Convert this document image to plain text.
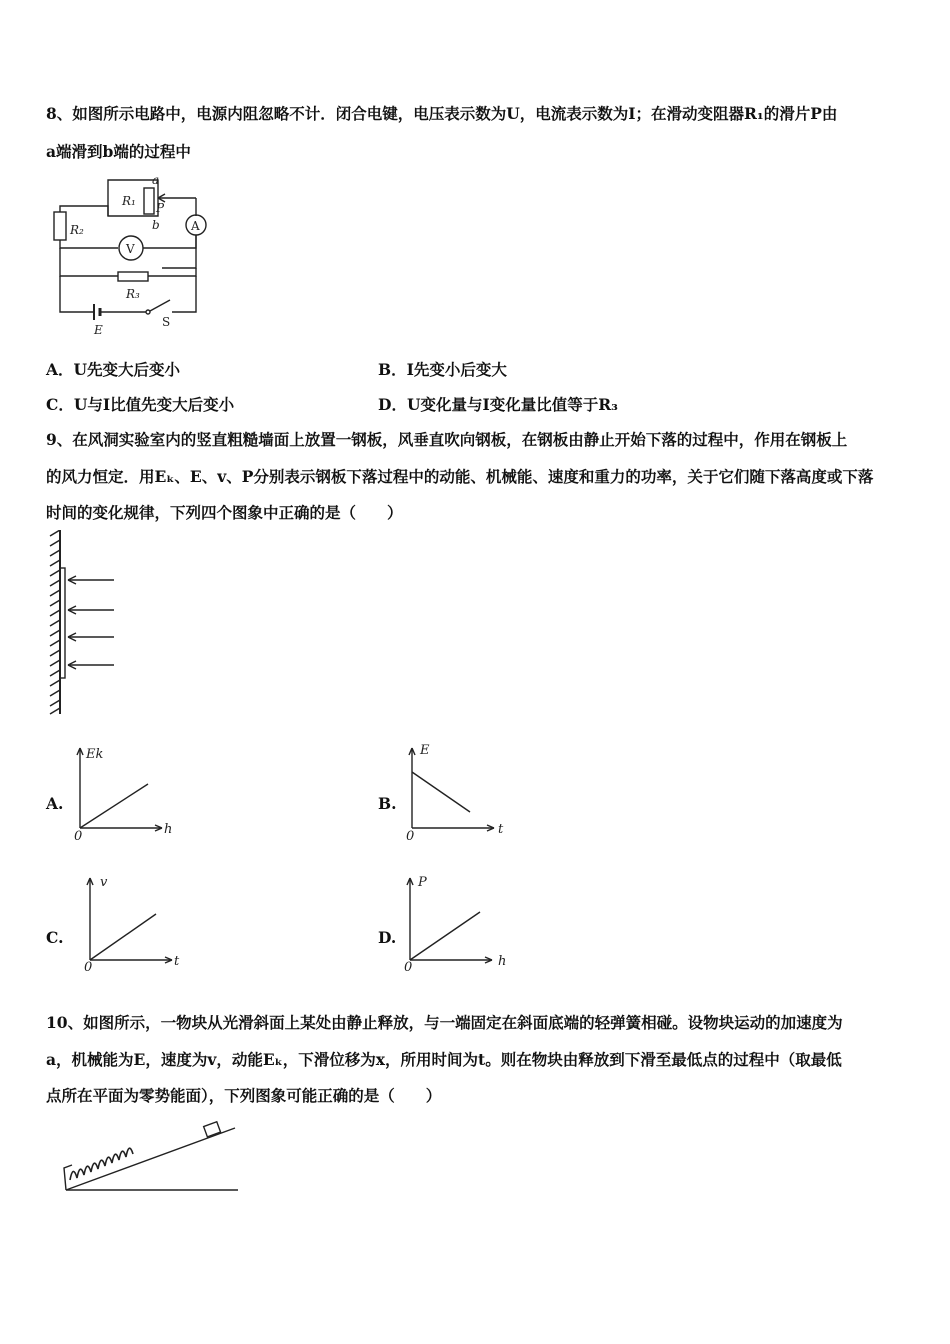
8、如图所示电路中，电源内阻忽略不计．闭合电键，电压表示数为U，电流表示数为I；在滑动变阻器R₁的滑片P由
a端滑到b端的过程中
a
R₁ P
b
R₂	A
V
R₃
E
S
A．U先变大后变小	B．I先变小后变大
C．U与I比值先变大后变小	D．U变化量与I变化量比值等于R₃
9、在风洞实验室内的竖直粗糙墙面上放置一钢板，风垂直吹向钢板，在钢板由静止开始下落的过程中，作用在钢板上
的风力恒定．用Eₖ、E、v、P分别表示钢板下落过程中的动能、机械能、速度和重力的功率，关于它们随下落高度或下落
时间的变化规律，下列四个图象中正确的是（　　）
A.
Ek
h
0
B.
E
t
0
C.
v
t
0
D.
P
h
0
10、如图所示，一物块从光滑斜面上某处由静止释放，与一端固定在斜面底端的轻弹簧相碰。设物块运动的加速度为
a，机械能为E，速度为v，动能Eₖ，下滑位移为x，所用时间为t。则在物块由释放到下滑至最低点的过程中（取最低
点所在平面为零势能面），下列图象可能正确的是（　　）
